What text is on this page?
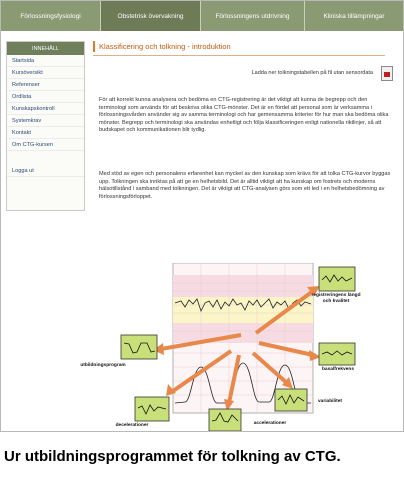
Förlossningsfysiologi	Obstetrisk övervakning	Förlossningens utdrivning	Kliniska tillämpningar
INNEHÅLL
Startsida
Kursöversikt
Referenser
Ordlista
Kunskapskontroll
Systemkrav
Kontakt
Om CTG-kursen
Logga ut
Klassificering och tolkning - introduktion
Ladda ner tolkningstabellen på fil utan sensordata

För att korrekt kunna analysera och bedöma en CTG-registrering är det viktigt att kunna de begrepp och den terminologi som används för att beskriva olika CTG-mönster. Det är en fördel att personal som är verksamma i förlossningsvården använder sig av samma terminologi och har gemensamma kriterier för hur man ska bedöma olika mönster. Begrepp och terminologi ska användas enhetligt och följa klassificeringen enligt nationella riktlinjer, så att budskapet och kommunikationen blir tydlig.

Med stöd av egen och personalens erfarenhet kan mycket av den kunskap som krävs för att tolka CTG-kurvor byggas upp. Tolkningen ska inriktas på att ge en helhetsbild. Det är alltid viktigt att ha kunskap om fostrets och moderns hälsotillstånd i samband med tolkningen. Det är viktigt att CTG-analysen görs som ett led i en helhetsbedömning av förlossningsförloppet.

registreringens längd och kvalitet
basalfrekvens
variabilitet
utbildningsprogram
decelerationer	accelerationer
Ur utbildningsprogrammet för tolkning av CTG.
